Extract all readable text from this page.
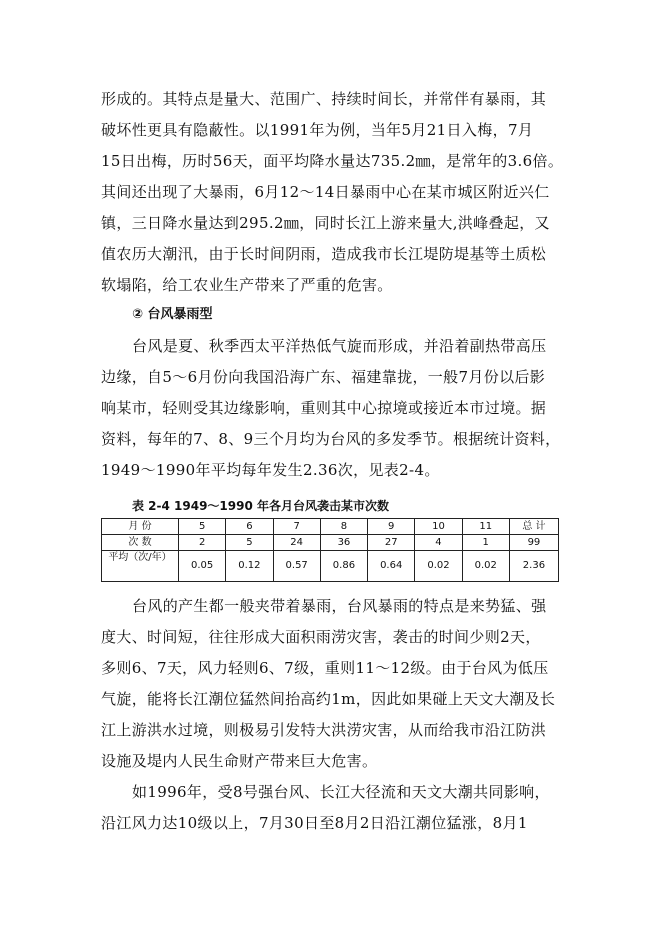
形成的。其特点是量大、范围广、持续时间长，并常伴有暴雨，其
破坏性更具有隐蔽性。以1991年为例，当年5月21日入梅，7月
15日出梅，历时56天，面平均降水量达735.2㎜，是常年的3.6倍。
其间还出现了大暴雨，6月12～14日暴雨中心在某市城区附近兴仁
镇，三日降水量达到295.2㎜，同时长江上游来量大,洪峰叠起，又
值农历大潮汛，由于长时间阴雨，造成我市长江堤防堤基等土质松
软塌陷，给工农业生产带来了严重的危害。
② 台风暴雨型
台风是夏、秋季西太平洋热低气旋而形成，并沿着副热带高压
边缘，自5～6月份向我国沿海广东、福建靠拢，一般7月份以后影
响某市，轻则受其边缘影响，重则其中心掠境或接近本市过境。据
资料，每年的7、8、9三个月均为台风的多发季节。根据统计资料，
1949～1990年平均每年发生2.36次，见表2-4。
表 2-4 1949～1990 年各月台风袭击某市次数
月 份	5	6	7	8	9	10	11	总 计
次 数	2	5	24	36	27	4	1	99
平均（次/年）	0.05	0.12	0.57	0.86	0.64	0.02	0.02	2.36
台风的产生都一般夹带着暴雨，台风暴雨的特点是来势猛、强
度大、时间短，往往形成大面积雨涝灾害，袭击的时间少则2天，
多则6、7天，风力轻则6、7级，重则11～12级。由于台风为低压
气旋，能将长江潮位猛然间抬高约1m，因此如果碰上天文大潮及长
江上游洪水过境，则极易引发特大洪涝灾害，从而给我市沿江防洪
设施及堤内人民生命财产带来巨大危害。
如1996年，受8号强台风、长江大径流和天文大潮共同影响，
沿江风力达10级以上，7月30日至8月2日沿江潮位猛涨，8月1
